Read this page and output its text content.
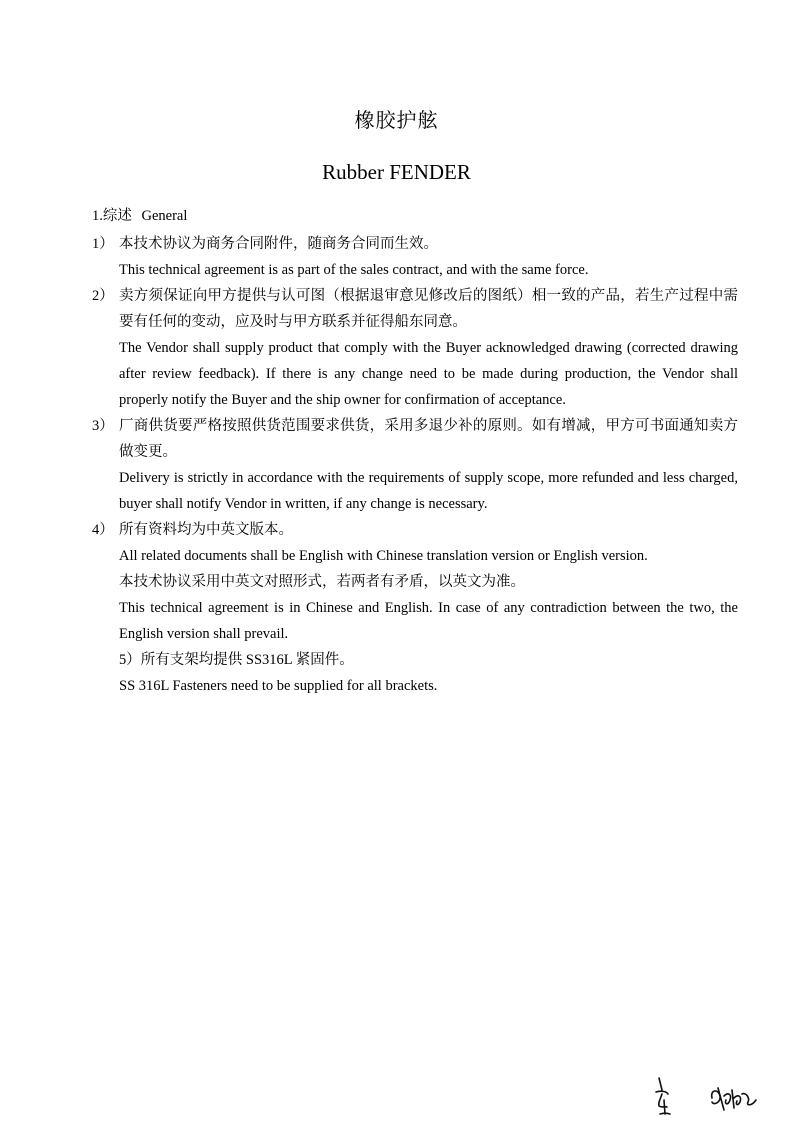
橡胶护舷
Rubber FENDER
1.综述 General
1） 本技术协议为商务合同附件，随商务合同而生效。

This technical agreement is as part of the sales contract, and with the same force.

2） 卖方须保证向甲方提供与认可图（根据退审意见修改后的图纸）相一致的产品，若生产过程中需要有任何的变动，应及时与甲方联系并征得船东同意。

The Vendor shall supply product that comply with the Buyer acknowledged drawing (corrected drawing after review feedback). If there is any change need to be made during production, the Vendor shall properly notify the Buyer and the ship owner for confirmation of acceptance.

3） 厂商供货要严格按照供货范围要求供货，采用多退少补的原则。如有增减，甲方可书面通知卖方做变更。

Delivery is strictly in accordance with the requirements of supply scope, more refunded and less charged, buyer shall notify Vendor in written, if any change is necessary.

4） 所有资料均为中英文版本。

All related documents shall be English with Chinese translation version or English version.

本技术协议采用中英文对照形式，若两者有矛盾，以英文为准。

This technical agreement is in Chinese and English. In case of any contradiction between the two, the English version shall prevail.

5）所有支架均提供 SS316L 紧固件。

SS 316L Fasteners need to be supplied for all brackets.
